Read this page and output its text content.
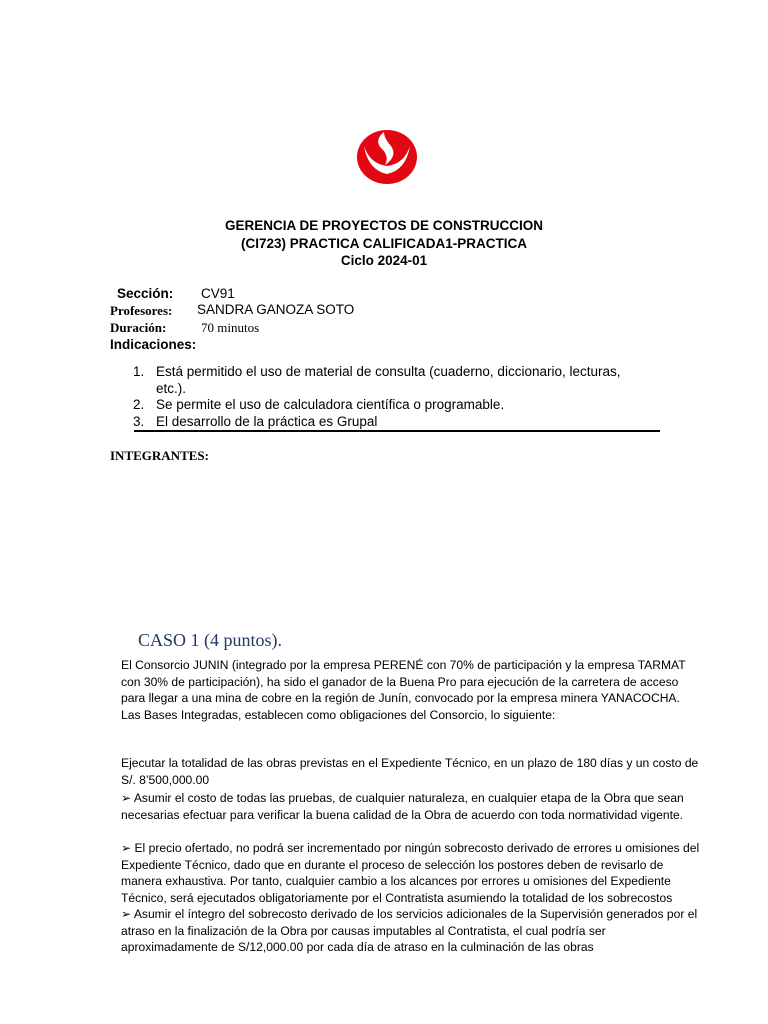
GERENCIA DE PROYECTOS DE CONSTRUCCION
(CI723) PRACTICA CALIFICADA1-PRACTICA
Ciclo 2024-01
Sección: CV91
Profesores: SANDRA GANOZA SOTO
Duración:	70 minutos
Indicaciones:
1. Está permitido el uso de material de consulta (cuaderno, diccionario, lecturas, etc.).
2. Se permite el uso de calculadora científica o programable.
3. El desarrollo de la práctica es Grupal
INTEGRANTES:
CASO 1 (4 puntos).
El Consorcio JUNIN (integrado por la empresa PERENÉ con 70% de participación y la empresa TARMAT con 30% de participación), ha sido el ganador de la Buena Pro para ejecución de la carretera de acceso para llegar a una mina de cobre en la región de Junín, convocado por la empresa minera YANACOCHA. Las Bases Integradas, establecen como obligaciones del Consorcio, lo siguiente:
Ejecutar la totalidad de las obras previstas en el Expediente Técnico, en un plazo de 180 días y un costo de S/. 8’500,000.00
➢ Asumir el costo de todas las pruebas, de cualquier naturaleza, en cualquier etapa de la Obra que sean necesarias efectuar para verificar la buena calidad de la Obra de acuerdo con toda normatividad vigente.
➢ El precio ofertado, no podrá ser incrementado por ningún sobrecosto derivado de errores u omisiones del Expediente Técnico, dado que en durante el proceso de selección los postores deben de revisarlo de manera exhaustiva. Por tanto, cualquier cambio a los alcances por errores u omisiones del Expediente Técnico, será ejecutados obligatoriamente por el Contratista asumiendo la totalidad de los sobrecostos
➢ Asumir el íntegro del sobrecosto derivado de los servicios adicionales de la Supervisión generados por el atraso en la finalización de la Obra por causas imputables al Contratista, el cual podría ser aproximadamente de S/12,000.00 por cada día de atraso en la culminación de las obras
